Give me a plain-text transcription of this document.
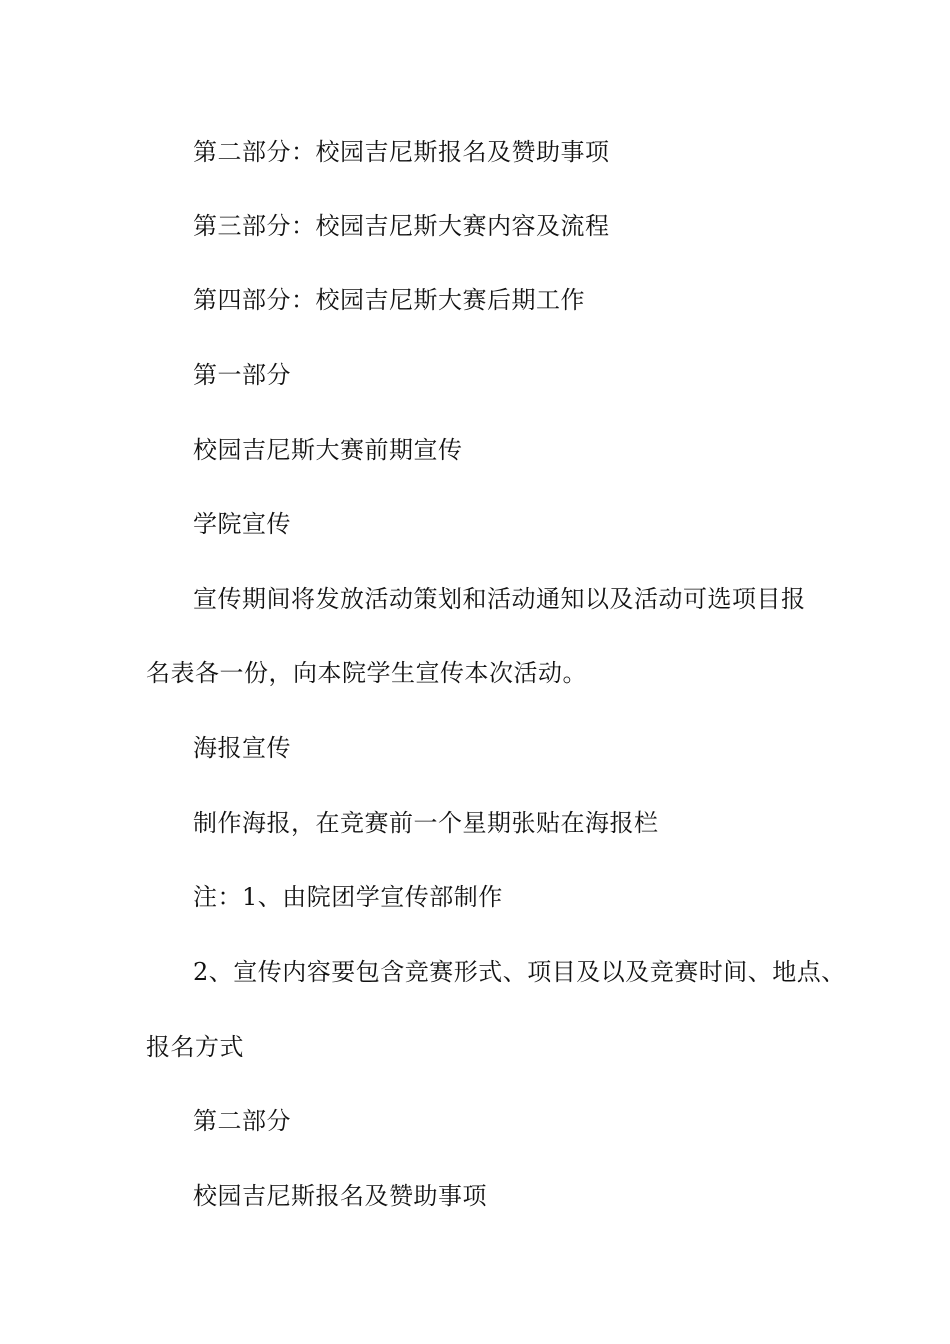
第二部分：校园吉尼斯报名及赞助事项
第三部分：校园吉尼斯大赛内容及流程
第四部分：校园吉尼斯大赛后期工作
第一部分
校园吉尼斯大赛前期宣传
学院宣传
宣传期间将发放活动策划和活动通知以及活动可选项目报
名表各一份，向本院学生宣传本次活动。
海报宣传
制作海报，在竞赛前一个星期张贴在海报栏
注：1、由院团学宣传部制作
2、宣传内容要包含竞赛形式、项目及以及竞赛时间、地点、
报名方式
第二部分
校园吉尼斯报名及赞助事项
